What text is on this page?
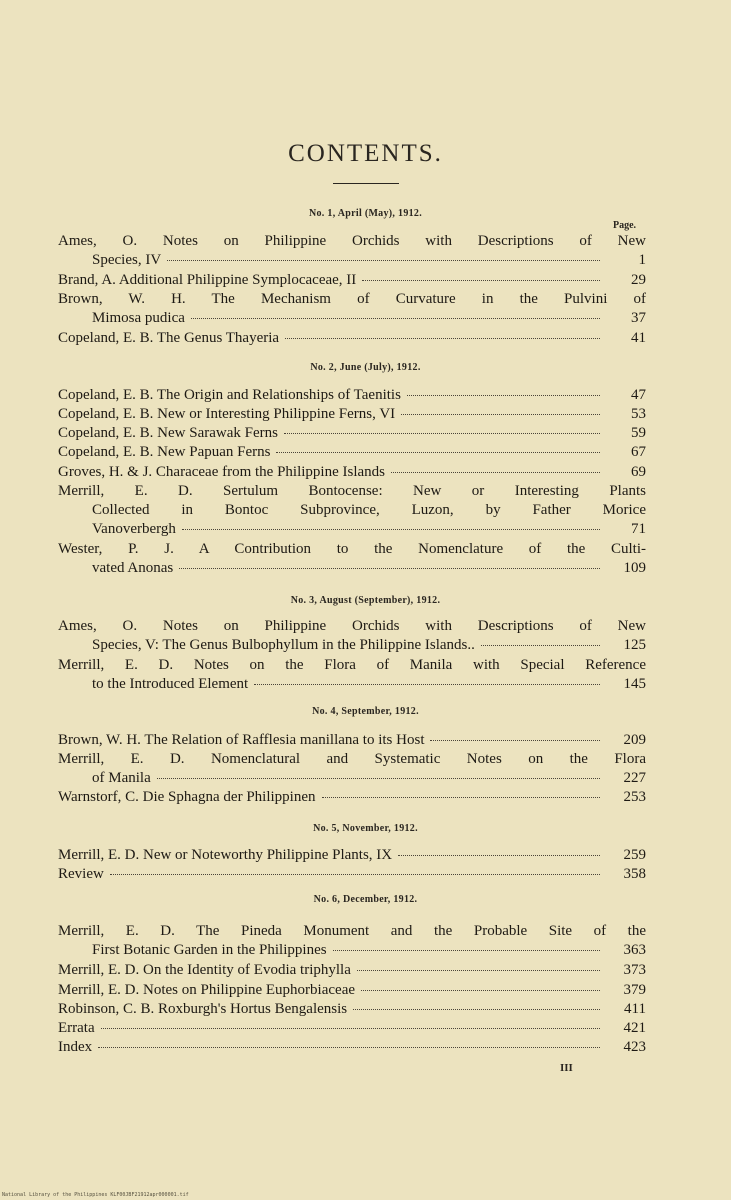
CONTENTS.
Page.
No. 1, April (May), 1912.
Ames, O. Notes on Philippine Orchids with Descriptions of New
Species, IV	1
Brand, A. Additional Philippine Symplocaceae, II	29
Brown, W. H. The Mechanism of Curvature in the Pulvini of
Mimosa pudica	37
Copeland, E. B. The Genus Thayeria	41
No. 2, June (July), 1912.
Copeland, E. B. The Origin and Relationships of Taenitis	47
Copeland, E. B. New or Interesting Philippine Ferns, VI	53
Copeland, E. B. New Sarawak Ferns	59
Copeland, E. B. New Papuan Ferns	67
Groves, H. & J. Characeae from the Philippine Islands	69
Merrill, E. D. Sertulum Bontocense: New or Interesting Plants
Collected in Bontoc Subprovince, Luzon, by Father Morice
Vanoverbergh	71
Wester, P. J. A Contribution to the Nomenclature of the Culti-
vated Anonas	109
No. 3, August (September), 1912.
Ames, O. Notes on Philippine Orchids with Descriptions of New
Species, V: The Genus Bulbophyllum in the Philippine Islands..	125
Merrill, E. D. Notes on the Flora of Manila with Special Reference
to the Introduced Element	145
No. 4, September, 1912.
Brown, W. H. The Relation of Rafflesia manillana to its Host	209
Merrill, E. D. Nomenclatural and Systematic Notes on the Flora
of Manila	227
Warnstorf, C. Die Sphagna der Philippinen	253
No. 5, November, 1912.
Merrill, E. D. New or Noteworthy Philippine Plants, IX	259
Review	358
No. 6, December, 1912.
Merrill, E. D. The Pineda Monument and the Probable Site of the
First Botanic Garden in the Philippines	363
Merrill, E. D. On the Identity of Evodia triphylla	373
Merrill, E. D. Notes on Philippine Euphorbiaceae	379
Robinson, C. B. Roxburgh's Hortus Bengalensis	411
Errata	421
Index	423
III
National Library of the Philippines KLF00JBF21912apr000001.tif
